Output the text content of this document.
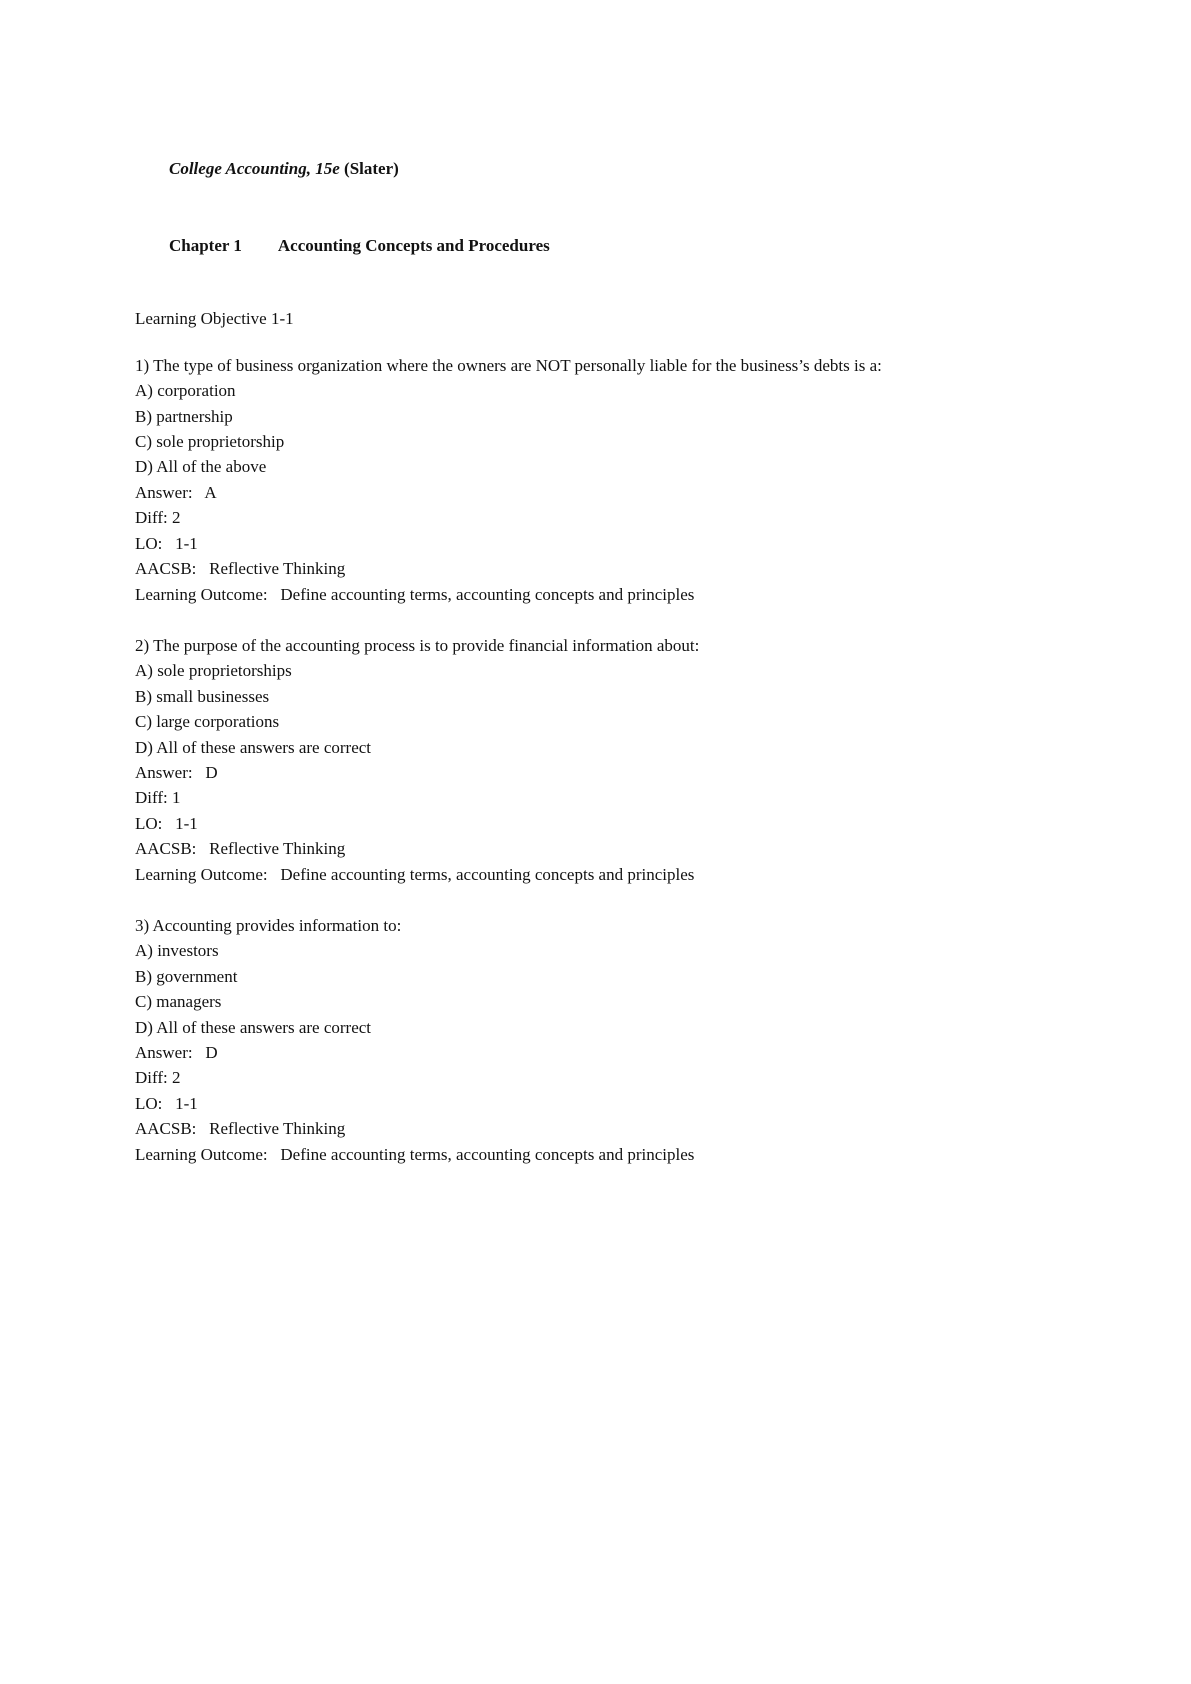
College Accounting, 15e (Slater)

Chapter 1 Accounting Concepts and Procedures

Learning Objective 1-1
1) The type of business organization where the owners are NOT personally liable for the business’s debts is a:
A) corporation
B) partnership
C) sole proprietorship
D) All of the above
Answer:   A
Diff: 2
LO:   1-1
AACSB:   Reflective Thinking
Learning Outcome:   Define accounting terms, accounting concepts and principles
2) The purpose of the accounting process is to provide financial information about:
A) sole proprietorships
B) small businesses
C) large corporations
D) All of these answers are correct
Answer:   D
Diff: 1
LO:   1-1
AACSB:   Reflective Thinking
Learning Outcome:   Define accounting terms, accounting concepts and principles
3) Accounting provides information to:
A) investors
B) government
C) managers
D) All of these answers are correct
Answer:   D
Diff: 2
LO:   1-1
AACSB:   Reflective Thinking
Learning Outcome:   Define accounting terms, accounting concepts and principles
